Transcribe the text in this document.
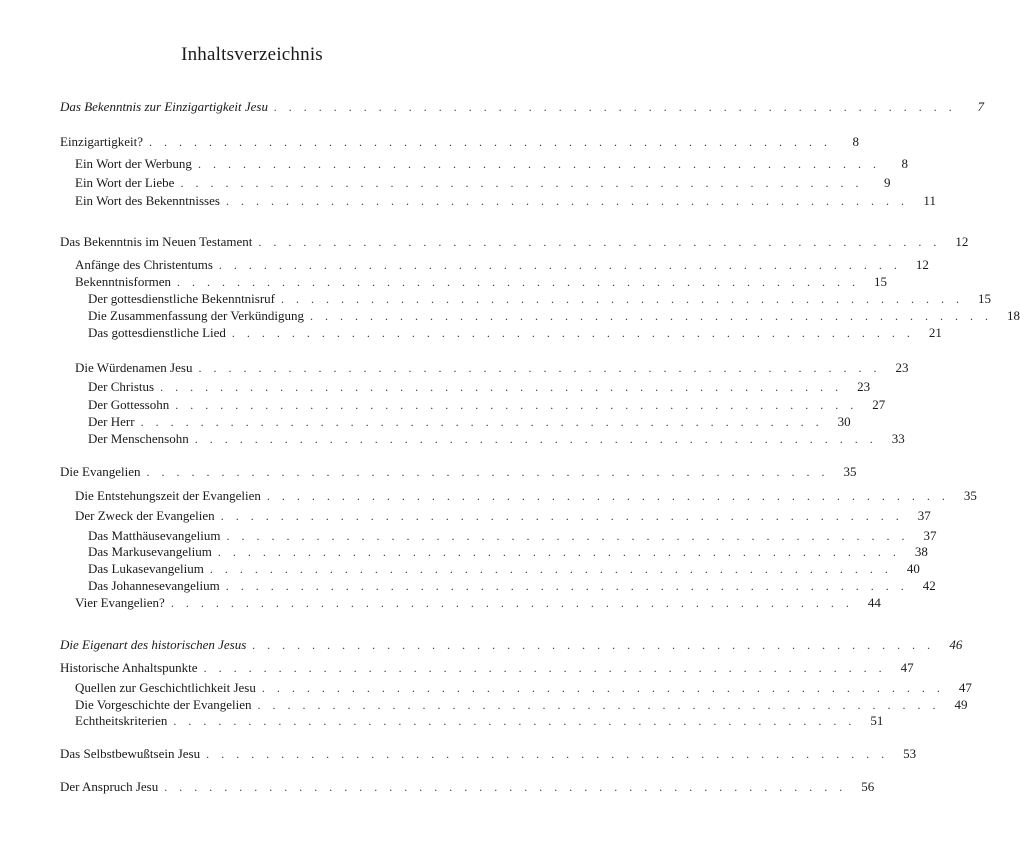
Inhaltsverzeichnis
Das Bekenntnis zur Einzigartigkeit Jesu ..............................................	7
Einzigartigkeit? ..............................................	8
Ein Wort der Werbung ..............................................	8
Ein Wort der Liebe ..............................................	9
Ein Wort des Bekenntnisses .............................................. 11
Das Bekenntnis im Neuen Testament .............................................. 12
Anfänge des Christentums .............................................. 12
Bekenntnisformen .............................................. 15
Der gottesdienstliche Bekenntnisruf .............................................. 15
Die Zusammenfassung der Verkündigung .............................................. 18
Das gottesdienstliche Lied .............................................. 21
Die Würdenamen Jesu .............................................. 23
Der Christus .............................................. 23
Der Gottessohn .............................................. 27
Der Herr .............................................. 30
Der Menschensohn .............................................. 33
Die Evangelien .............................................. 35
Die Entstehungszeit der Evangelien .............................................. 35
Der Zweck der Evangelien .............................................. 37
Das Matthäusevangelium .............................................. 37
Das Markusevangelium .............................................. 38
Das Lukasevangelium .............................................. 40
Das Johannesevangelium .............................................. 42
Vier Evangelien? .............................................. 44
Die Eigenart des historischen Jesus .............................................. 46
Historische Anhaltspunkte .............................................. 47
Quellen zur Geschichtlichkeit Jesu .............................................. 47
Die Vorgeschichte der Evangelien .............................................. 49
Echtheitskriterien .............................................. 51
Das Selbstbewußtsein Jesu .............................................. 53
Der Anspruch Jesu .............................................. 56
